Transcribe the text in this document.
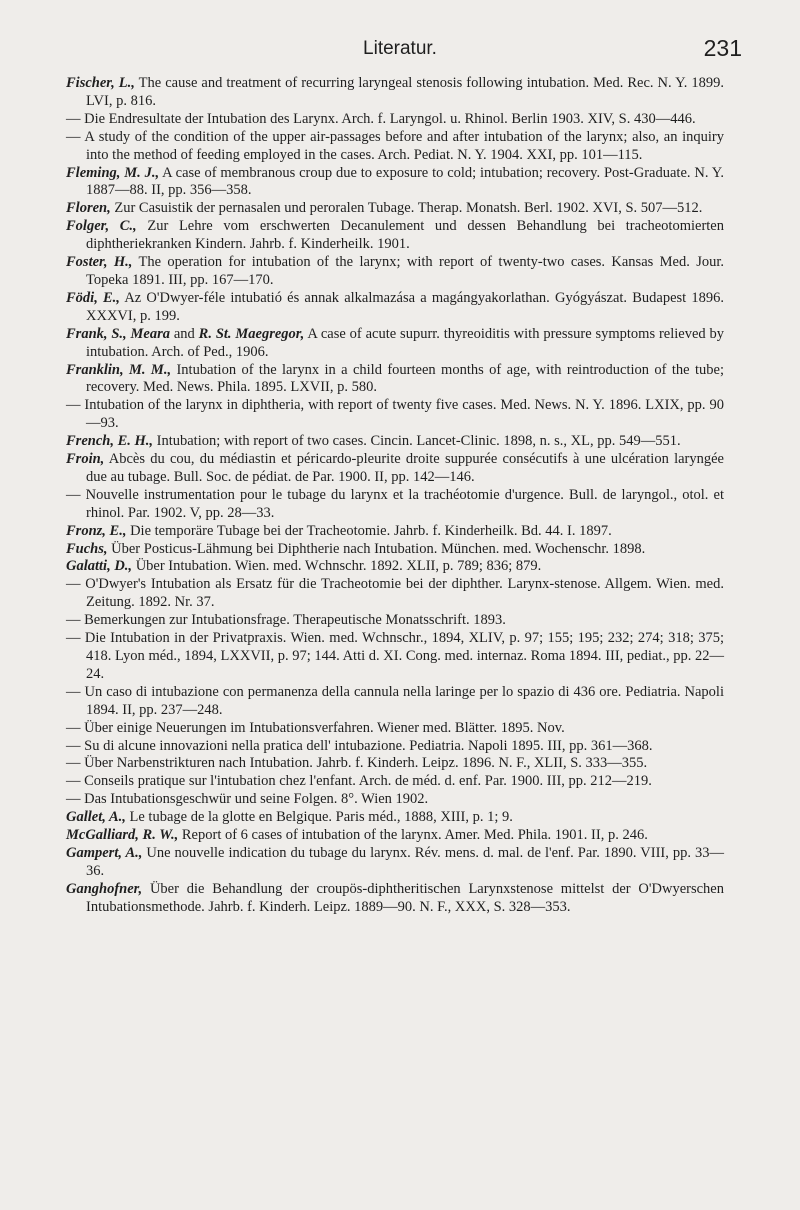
Literatur.	231
Fischer, L., The cause and treatment of recurring laryngeal stenosis following intubation. Med. Rec. N. Y. 1899. LVI, p. 816.
— Die Endresultate der Intubation des Larynx. Arch. f. Laryngol. u. Rhinol. Berlin 1903. XIV, S. 430—446.
— A study of the condition of the upper air-passages before and after intubation of the larynx; also, an inquiry into the method of feeding employed in the cases. Arch. Pediat. N. Y. 1904. XXI, pp. 101—115.
Fleming, M. J., A case of membranous croup due to exposure to cold; intubation; recovery. Post-Graduate. N. Y. 1887—88. II, pp. 356—358.
Floren, Zur Casuistik der pernasalen und peroralen Tubage. Therap. Monatsh. Berl. 1902. XVI, S. 507—512.
Folger, C., Zur Lehre vom erschwerten Decanulement und dessen Behandlung bei tracheotomierten diphtheriekranken Kindern. Jahrb. f. Kinderheilk. 1901.
Foster, H., The operation for intubation of the larynx; with report of twenty-two cases. Kansas Med. Jour. Topeka 1891. III, pp. 167—170.
Födi, E., Az O'Dwyer-féle intubatió és annak alkalmazása a magángyakorlathan. Gyógyászat. Budapest 1896. XXXVI, p. 199.
Frank, S., Meara and R. St. Maegregor, A case of acute supurr. thyreoiditis with pressure symptoms relieved by intubation. Arch. of Ped., 1906.
Franklin, M. M., Intubation of the larynx in a child fourteen months of age, with reintroduction of the tube; recovery. Med. News. Phila. 1895. LXVII, p. 580.
— Intubation of the larynx in diphtheria, with report of twenty five cases. Med. News. N. Y. 1896. LXIX, pp. 90—93.
French, E. H., Intubation; with report of two cases. Cincin. Lancet-Clinic. 1898, n. s., XL, pp. 549—551.
Froin, Abcès du cou, du médiastin et péricardo-pleurite droite suppurée consécutifs à une ulcération laryngée due au tubage. Bull. Soc. de pédiat. de Par. 1900. II, pp. 142—146.
— Nouvelle instrumentation pour le tubage du larynx et la trachéotomie d'urgence. Bull. de laryngol., otol. et rhinol. Par. 1902. V, pp. 28—33.
Fronz, E., Die temporäre Tubage bei der Tracheotomie. Jahrb. f. Kinderheilk. Bd. 44. I. 1897.
Fuchs, Über Posticus-Lähmung bei Diphtherie nach Intubation. München. med. Wochenschr. 1898.
Galatti, D., Über Intubation. Wien. med. Wchnschr. 1892. XLII, p. 789; 836; 879.
— O'Dwyer's Intubation als Ersatz für die Tracheotomie bei der diphther. Larynx-stenose. Allgem. Wien. med. Zeitung. 1892. Nr. 37.
— Bemerkungen zur Intubationsfrage. Therapeutische Monatsschrift. 1893.
— Die Intubation in der Privatpraxis. Wien. med. Wchnschr., 1894, XLIV, p. 97; 155; 195; 232; 274; 318; 375; 418. Lyon méd., 1894, LXXVII, p. 97; 144. Atti d. XI. Cong. med. internaz. Roma 1894. III, pediat., pp. 22—24.
— Un caso di intubazione con permanenza della cannula nella laringe per lo spazio di 436 ore. Pediatria. Napoli 1894. II, pp. 237—248.
— Über einige Neuerungen im Intubationsverfahren. Wiener med. Blätter. 1895. Nov.
— Su di alcune innovazioni nella pratica dell' intubazione. Pediatria. Napoli 1895. III, pp. 361—368.
— Über Narbenstrikturen nach Intubation. Jahrb. f. Kinderh. Leipz. 1896. N. F., XLII, S. 333—355.
— Conseils pratique sur l'intubation chez l'enfant. Arch. de méd. d. enf. Par. 1900. III, pp. 212—219.
— Das Intubationsgeschwür und seine Folgen. 8°. Wien 1902.
Gallet, A., Le tubage de la glotte en Belgique. Paris méd., 1888, XIII, p. 1; 9.
McGalliard, R. W., Report of 6 cases of intubation of the larynx. Amer. Med. Phila. 1901. II, p. 246.
Gampert, A., Une nouvelle indication du tubage du larynx. Rév. mens. d. mal. de l'enf. Par. 1890. VIII, pp. 33—36.
Ganghofner, Über die Behandlung der croupös-diphtheritischen Larynxstenose mittelst der O'Dwyerschen Intubationsmethode. Jahrb. f. Kinderh. Leipz. 1889—90. N. F., XXX, S. 328—353.
